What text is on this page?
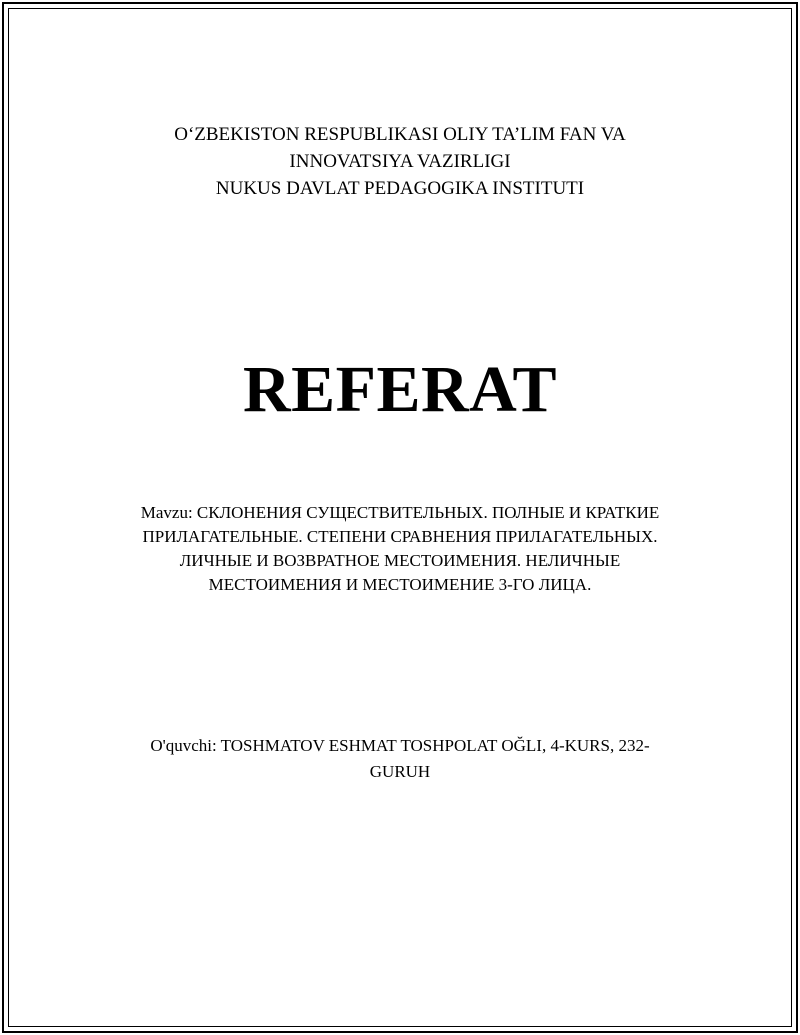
O‘ZBEKISTON RESPUBLIKASI OLIY TA’LIM FAN VA
INNOVATSIYA VAZIRLIGI
NUKUS DAVLAT PEDAGOGIKA INSTITUTI
REFERAT
Mavzu: СКЛОНЕНИЯ СУЩЕСТВИТЕЛЬНЫХ. ПОЛНЫЕ И КРАТКИЕ
ПРИЛАГАТЕЛЬНЫЕ. СТЕПЕНИ СРАВНЕНИЯ ПРИЛАГАТЕЛЬНЫХ.
ЛИЧНЫЕ И ВОЗВРАТНОЕ МЕСТОИМЕНИЯ. НЕЛИЧНЫЕ
МЕСТОИМЕНИЯ И МЕСТОИМЕНИЕ 3-ГО ЛИЦА.
O'quvchi: TOSHMATOV ESHMAT TOSHPOLAT OĞLI, 4-KURS, 232-
GURUH
